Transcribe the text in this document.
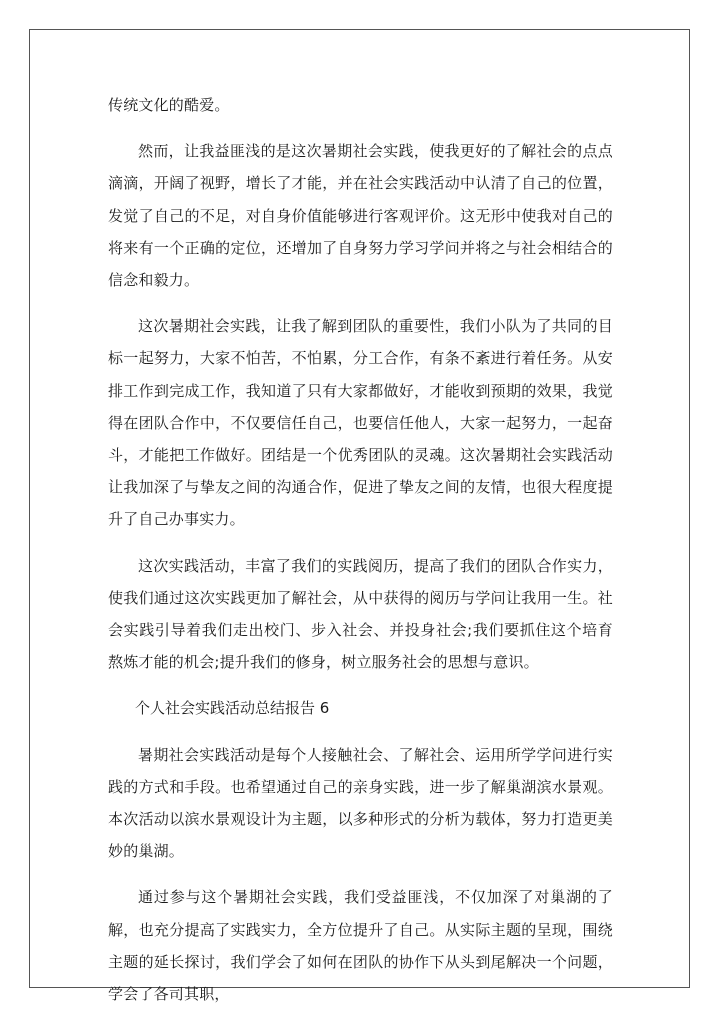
传统文化的酷爱。

然而，让我益匪浅的是这次暑期社会实践，使我更好的了解社会的点点滴滴，开阔了视野，增长了才能，并在社会实践活动中认清了自己的位置，发觉了自己的不足，对自身价值能够进行客观评价。这无形中使我对自己的将来有一个正确的定位，还增加了自身努力学习学问并将之与社会相结合的信念和毅力。

这次暑期社会实践，让我了解到团队的重要性，我们小队为了共同的目标一起努力，大家不怕苦，不怕累，分工合作，有条不紊进行着任务。从安排工作到完成工作，我知道了只有大家都做好，才能收到预期的效果，我觉得在团队合作中，不仅要信任自己，也要信任他人，大家一起努力，一起奋斗，才能把工作做好。团结是一个优秀团队的灵魂。这次暑期社会实践活动让我加深了与挚友之间的沟通合作，促进了挚友之间的友情，也很大程度提升了自己办事实力。

这次实践活动，丰富了我们的实践阅历，提高了我们的团队合作实力，使我们通过这次实践更加了解社会，从中获得的阅历与学问让我用一生。社会实践引导着我们走出校门、步入社会、并投身社会;我们要抓住这个培育熬炼才能的机会;提升我们的修身，树立服务社会的思想与意识。

个人社会实践活动总结报告 6

暑期社会实践活动是每个人接触社会、了解社会、运用所学学问进行实践的方式和手段。也希望通过自己的亲身实践，进一步了解巢湖滨水景观。本次活动以滨水景观设计为主题，以多种形式的分析为载体，努力打造更美妙的巢湖。

通过参与这个暑期社会实践，我们受益匪浅，不仅加深了对巢湖的了解，也充分提高了实践实力，全方位提升了自己。从实际主题的呈现，围绕主题的延长探讨，我们学会了如何在团队的协作下从头到尾解决一个问题，学会了各司其职，
